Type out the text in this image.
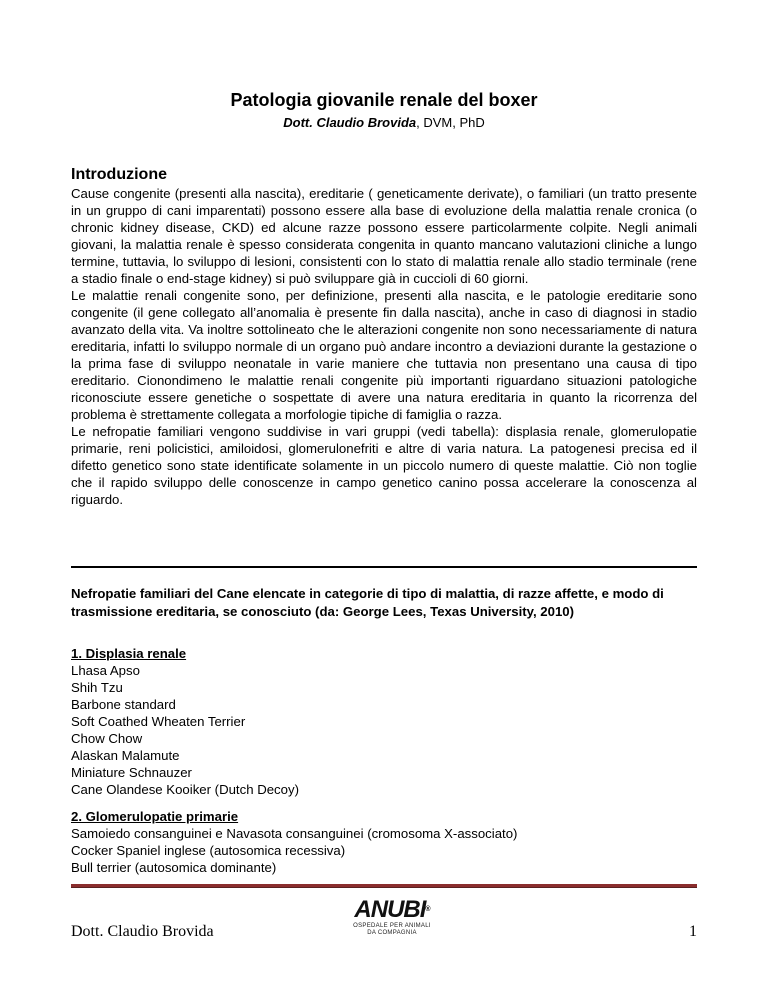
Patologia giovanile renale del boxer
Dott. Claudio Brovida, DVM, PhD
Introduzione

Cause congenite (presenti alla nascita), ereditarie ( geneticamente derivate), o familiari (un tratto presente in un gruppo di cani imparentati) possono essere alla base di evoluzione della malattia renale cronica (o chronic kidney disease, CKD) ed alcune razze possono essere particolarmente colpite. Negli animali giovani, la malattia renale è spesso considerata congenita in quanto mancano valutazioni cliniche a lungo termine, tuttavia, lo sviluppo di lesioni, consistenti con lo stato di malattia renale allo stadio terminale (rene a stadio finale o end-stage kidney) si può sviluppare già in cuccioli di 60 giorni.

Le malattie renali congenite sono, per definizione, presenti alla nascita, e le patologie ereditarie sono congenite (il gene collegato all’anomalia è presente fin dalla nascita), anche in caso di diagnosi in stadio avanzato della vita. Va inoltre sottolineato che le alterazioni congenite non sono necessariamente di natura ereditaria, infatti lo sviluppo normale di un organo può andare incontro a deviazioni durante la gestazione o la prima fase di sviluppo neonatale in varie maniere che tuttavia non presentano una causa di tipo ereditario. Cionondimeno le malattie renali congenite più importanti riguardano situazioni patologiche riconosciute essere genetiche o sospettate di avere una natura ereditaria in quanto la ricorrenza del problema è strettamente collegata a morfologie tipiche di famiglia o razza.

Le nefropatie familiari vengono suddivise in vari gruppi (vedi tabella): displasia renale, glomerulopatie primarie, reni policistici, amiloidosi, glomerulonefriti e altre di varia natura. La patogenesi precisa ed il difetto genetico sono state identificate solamente in un piccolo numero di queste malattie. Ciò non toglie che il rapido sviluppo delle conoscenze in campo genetico canino possa accelerare la conoscenza al riguardo.

Nefropatie familiari del Cane elencate in categorie di tipo di malattia, di razze affette, e modo di trasmissione ereditaria, se conosciuto (da: George Lees, Texas University, 2010)
1. Displasia renale
Lhasa Apso
Shih Tzu
Barbone standard
Soft Coathed Wheaten Terrier
Chow Chow
Alaskan Malamute
Miniature Schnauzer
Cane Olandese Kooiker (Dutch Decoy)
2. Glomerulopatie primarie
Samoiedo consanguinei e Navasota consanguinei (cromosoma X-associato)
Cocker Spaniel inglese (autosomica recessiva)
Bull terrier (autosomica dominante)
Dott. Claudio Brovida
ANUBI®
OSPEDALE PER ANIMALI
DA COMPAGNIA	1
